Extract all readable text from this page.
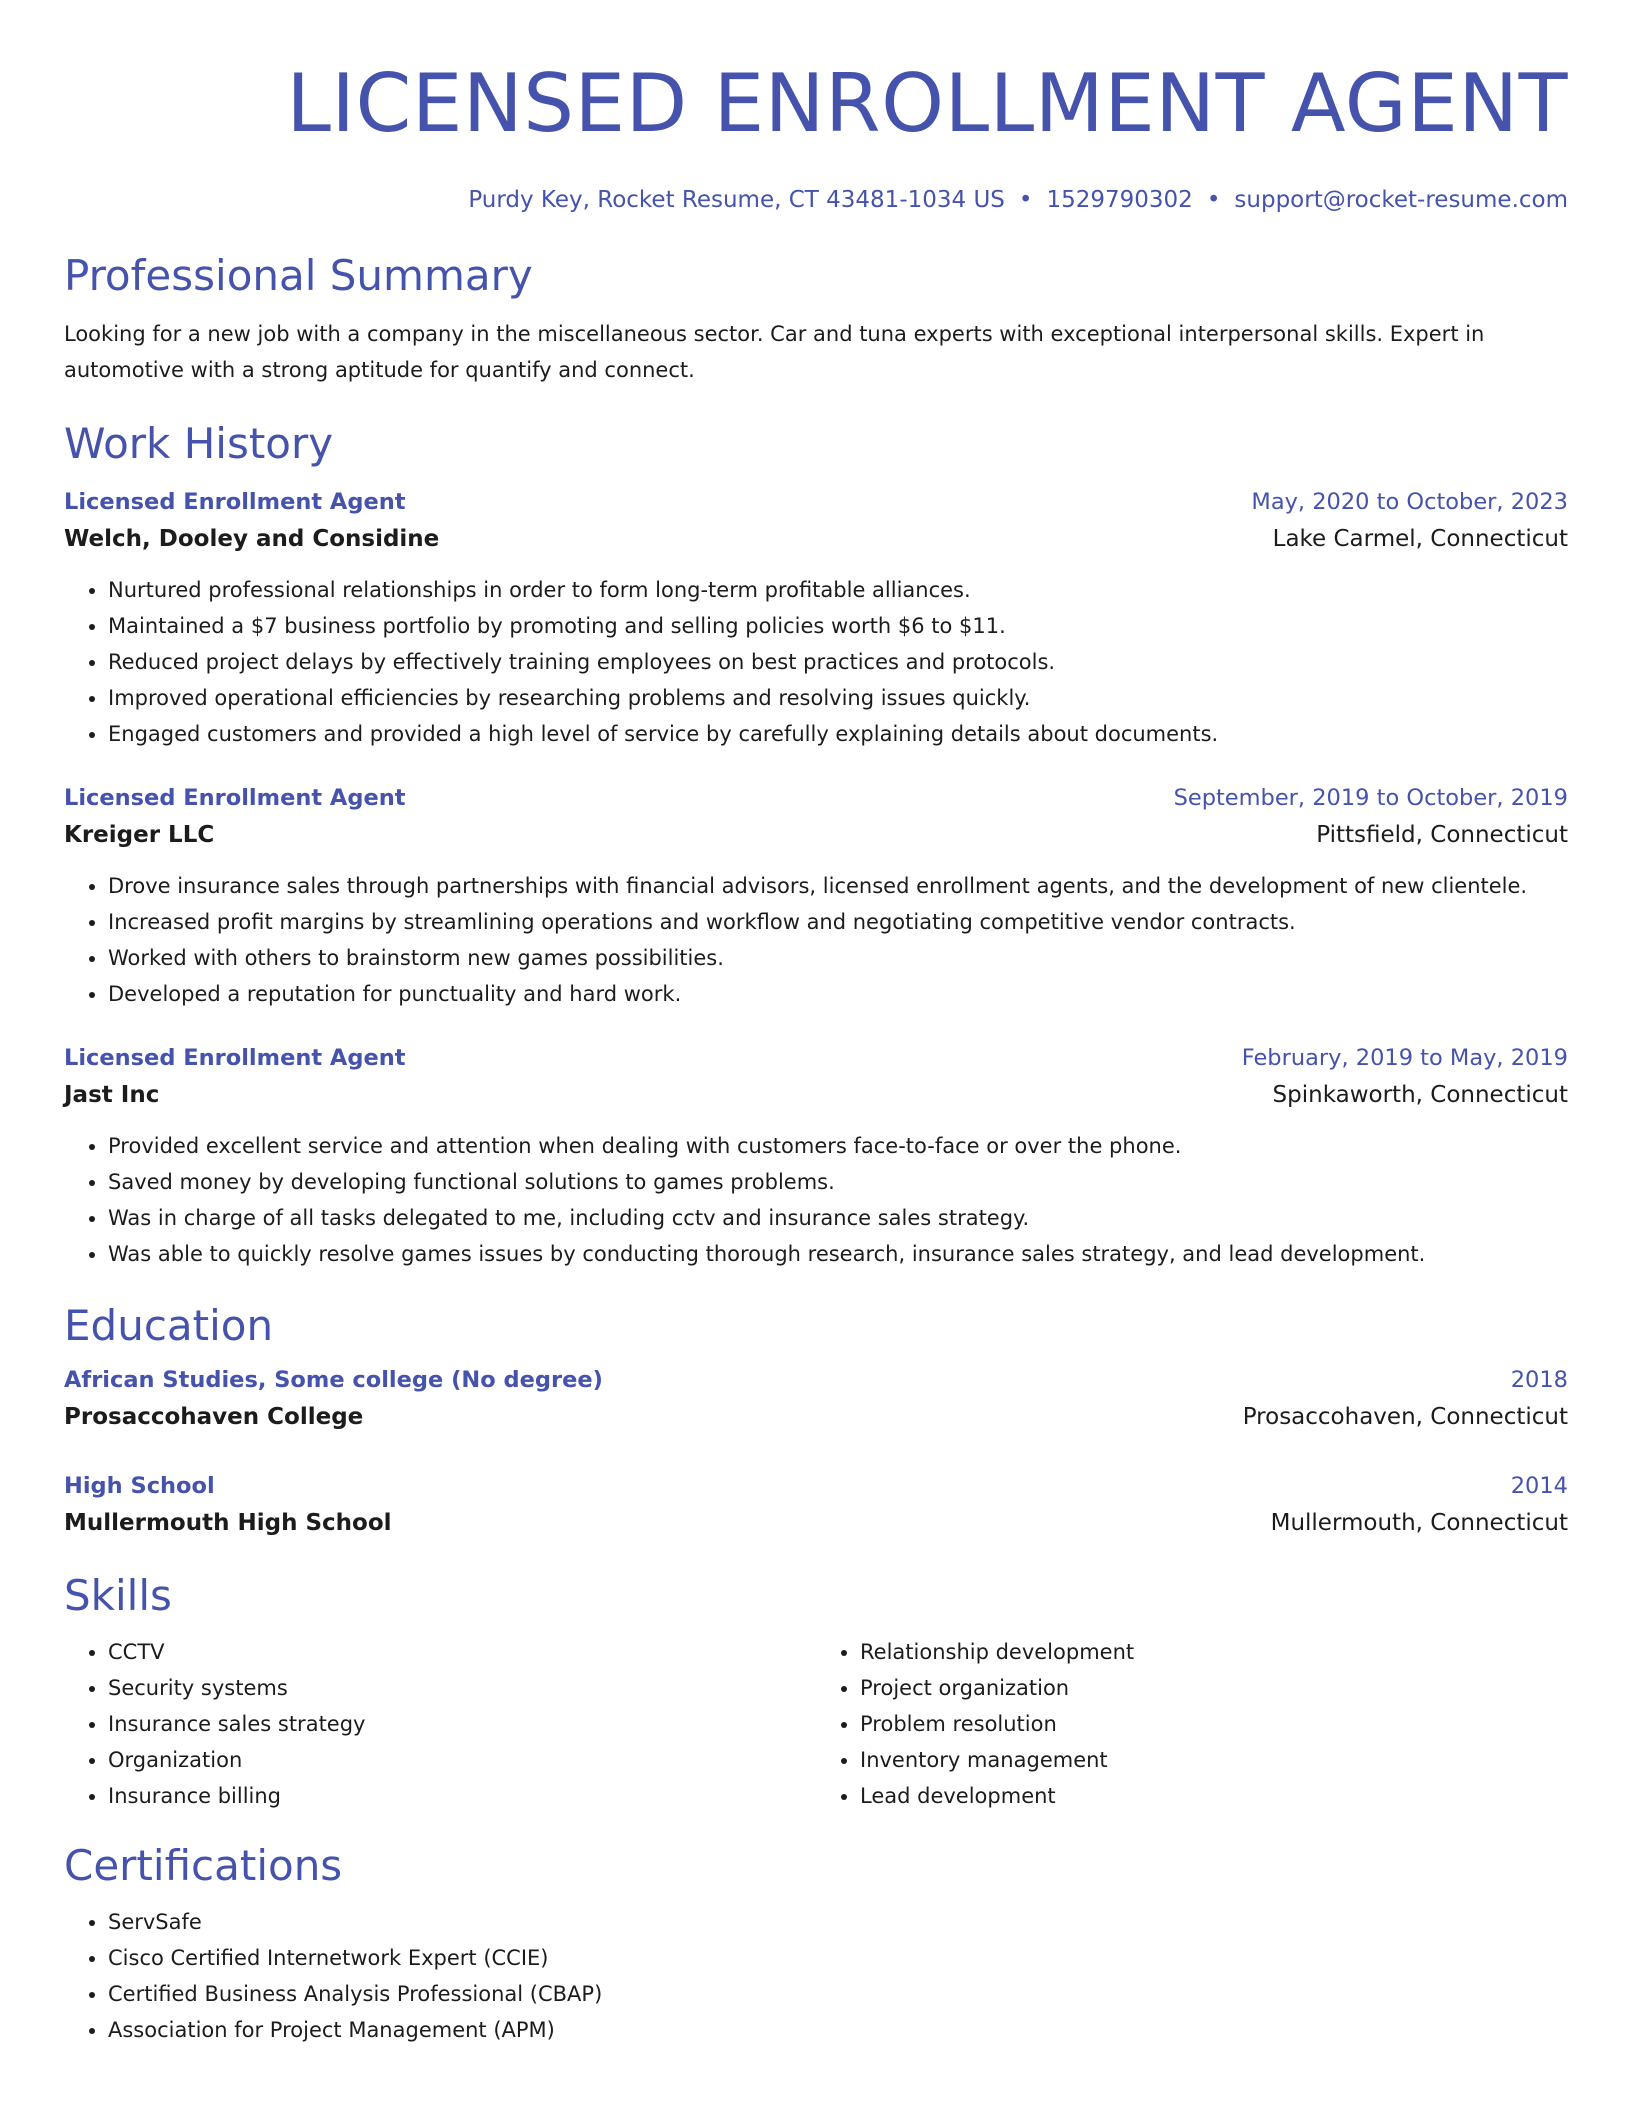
LICENSED ENROLLMENT AGENT
Purdy Key, Rocket Resume, CT 43481-1034 US • 1529790302 • support@rocket-resume.com
Professional Summary
Looking for a new job with a company in the miscellaneous sector. Car and tuna experts with exceptional interpersonal skills. Expert in automotive with a strong aptitude for quantify and connect.
Work History
Licensed Enrollment Agent	May, 2020 to October, 2023
Welch, Dooley and Considine	Lake Carmel, Connecticut
• Nurtured professional relationships in order to form long-term profitable alliances.
• Maintained a $7 business portfolio by promoting and selling policies worth $6 to $11.
• Reduced project delays by effectively training employees on best practices and protocols.
• Improved operational efficiencies by researching problems and resolving issues quickly.
• Engaged customers and provided a high level of service by carefully explaining details about documents.
Licensed Enrollment Agent	September, 2019 to October, 2019
Kreiger LLC	Pittsfield, Connecticut
• Drove insurance sales through partnerships with financial advisors, licensed enrollment agents, and the development of new clientele.
• Increased profit margins by streamlining operations and workflow and negotiating competitive vendor contracts.
• Worked with others to brainstorm new games possibilities.
• Developed a reputation for punctuality and hard work.
Licensed Enrollment Agent	February, 2019 to May, 2019
Jast Inc	Spinkaworth, Connecticut
• Provided excellent service and attention when dealing with customers face-to-face or over the phone.
• Saved money by developing functional solutions to games problems.
• Was in charge of all tasks delegated to me, including cctv and insurance sales strategy.
• Was able to quickly resolve games issues by conducting thorough research, insurance sales strategy, and lead development.
Education
African Studies, Some college (No degree)	2018
Prosaccohaven College	Prosaccohaven, Connecticut
High School	2014
Mullermouth High School	Mullermouth, Connecticut
Skills
• CCTV
• Security systems
• Insurance sales strategy
• Organization
• Insurance billing
• Relationship development
• Project organization
• Problem resolution
• Inventory management
• Lead development
Certifications
• ServSafe
• Cisco Certified Internetwork Expert (CCIE)
• Certified Business Analysis Professional (CBAP)
• Association for Project Management (APM)
